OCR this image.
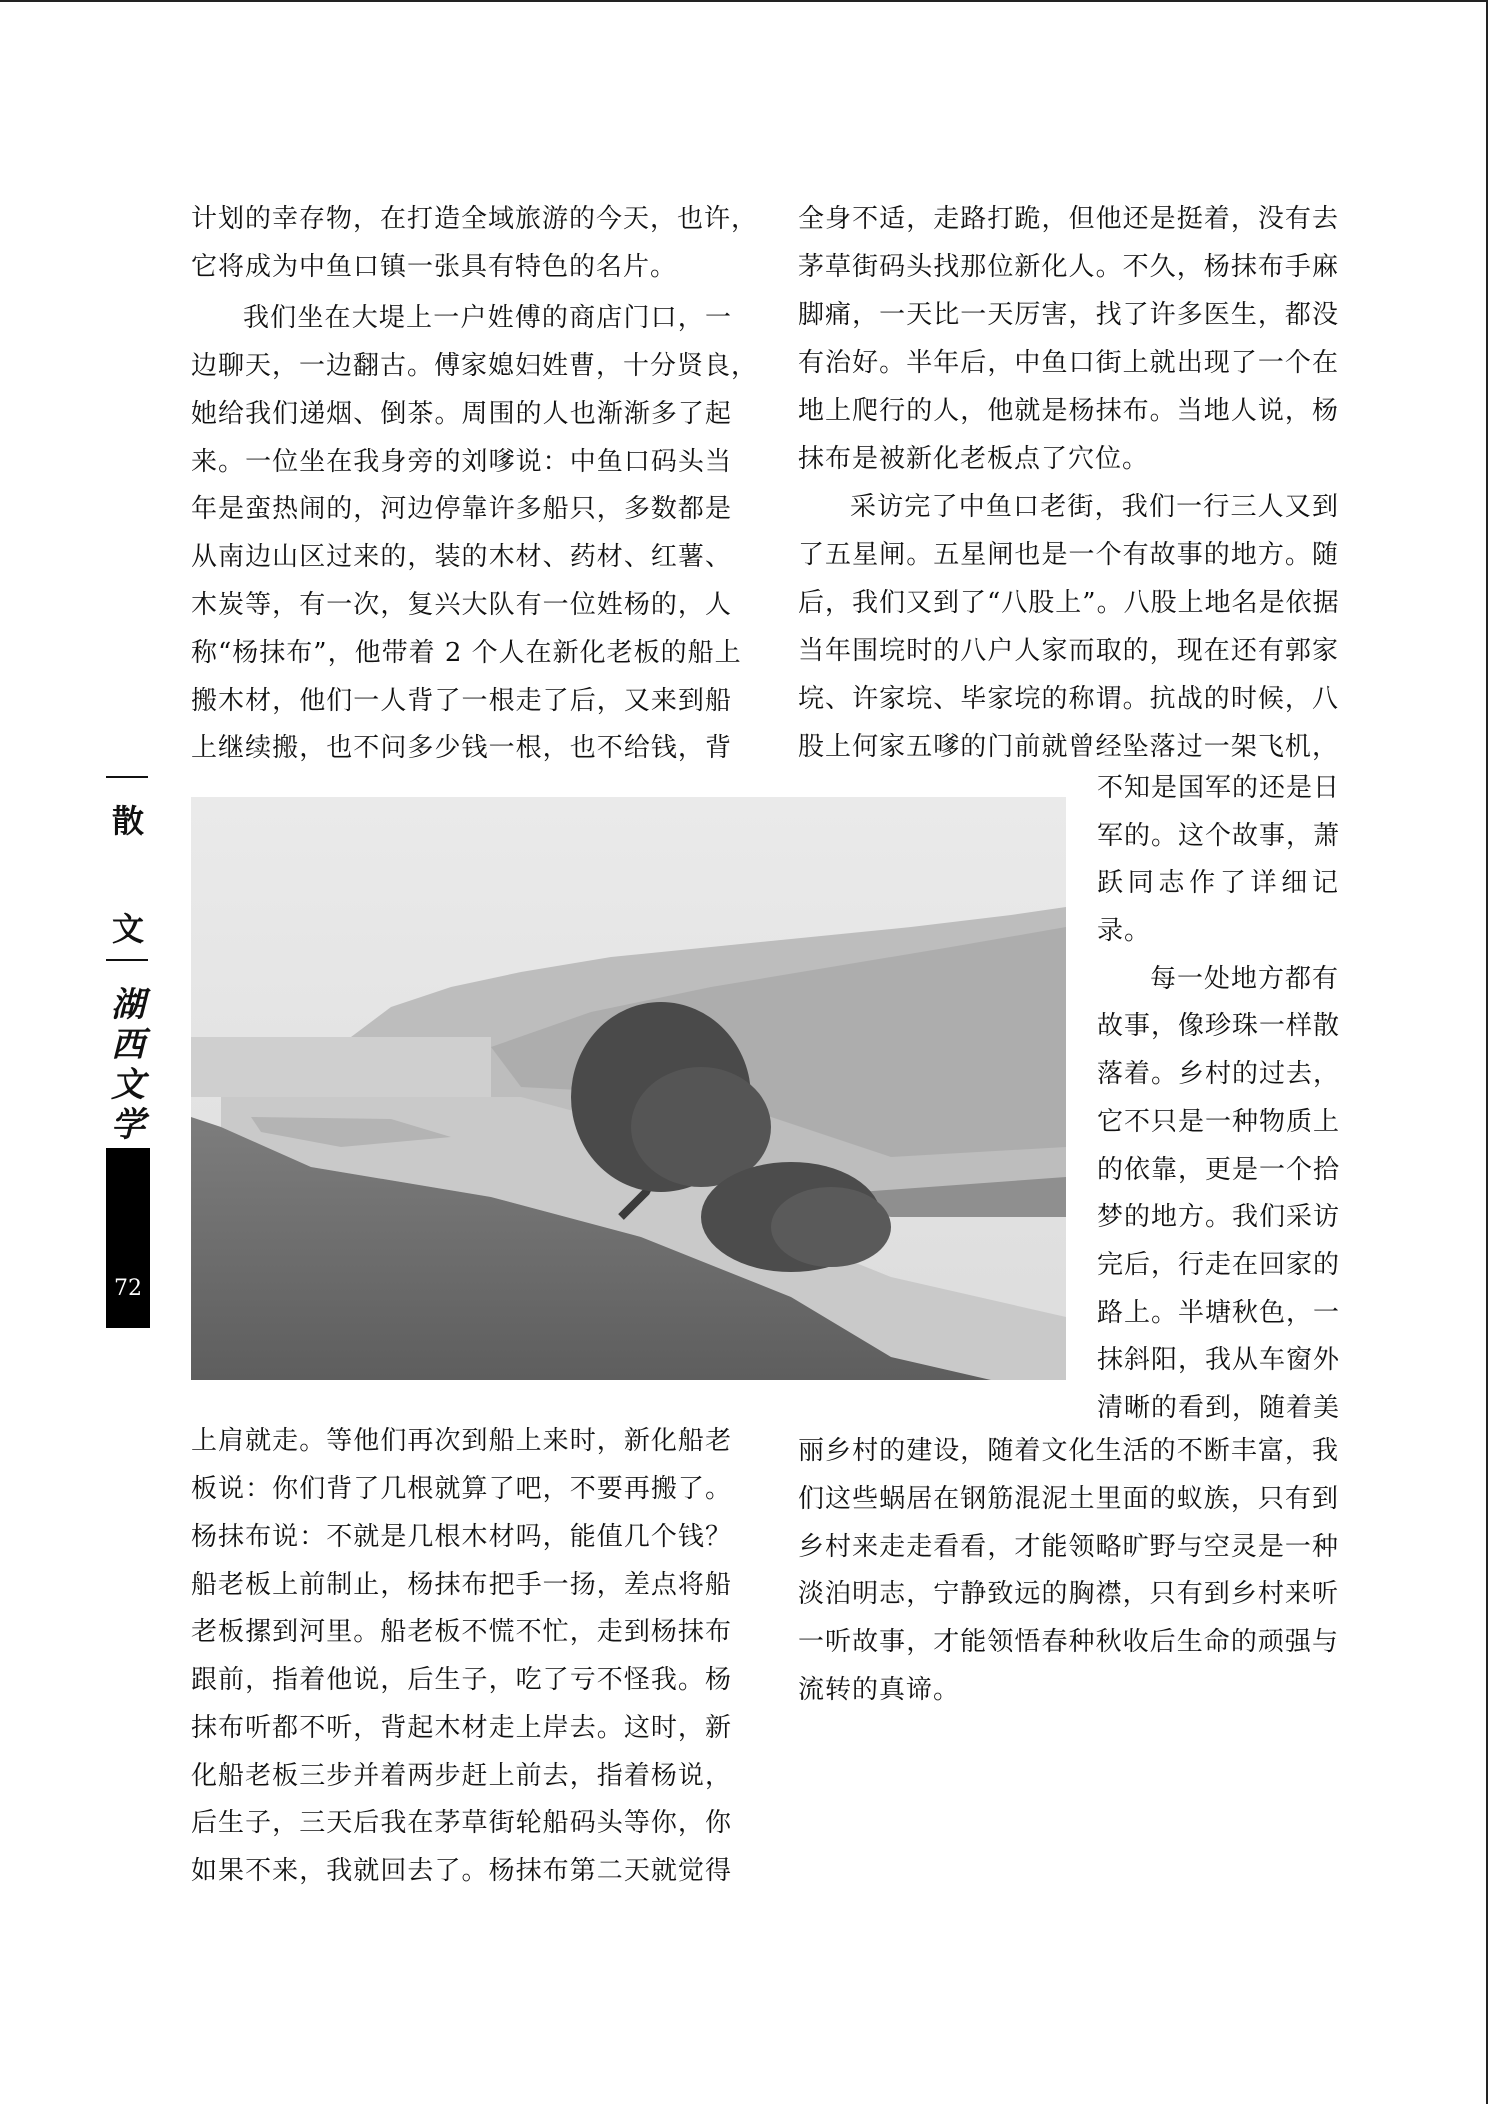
计划的幸存物，在打造全域旅游的今天，也许，
它将成为中鱼口镇一张具有特色的名片。
我们坐在大堤上一户姓傅的商店门口，一
边聊天，一边翻古。傅家媳妇姓曹，十分贤良，
她给我们递烟、倒茶。周围的人也渐渐多了起
来。一位坐在我身旁的刘嗲说：中鱼口码头当
年是蛮热闹的，河边停靠许多船只，多数都是
从南边山区过来的，装的木材、药材、红薯、
木炭等，有一次，复兴大队有一位姓杨的，人
称“杨抹布”，他带着 2 个人在新化老板的船上
搬木材，他们一人背了一根走了后，又来到船
上继续搬，也不问多少钱一根，也不给钱，背
全身不适，走路打跪，但他还是挺着，没有去
茅草街码头找那位新化人。不久，杨抹布手麻
脚痛，一天比一天厉害，找了许多医生，都没
有治好。半年后，中鱼口街上就出现了一个在
地上爬行的人，他就是杨抹布。当地人说，杨
抹布是被新化老板点了穴位。
采访完了中鱼口老街，我们一行三人又到
了五星闸。五星闸也是一个有故事的地方。随
后，我们又到了“八股上”。八股上地名是依据
当年围垸时的八户人家而取的，现在还有郭家
垸、许家垸、毕家垸的称谓。抗战的时候，八
股上何家五嗲的门前就曾经坠落过一架飞机，
不知是国军的还是日
军的。这个故事，萧
跃同志作了详细记
录。
每一处地方都有
故事，像珍珠一样散
落着。乡村的过去，
它不只是一种物质上
的依靠，更是一个拾
梦的地方。我们采访
完后，行走在回家的
路上。半塘秋色，一
抹斜阳，我从车窗外
清晰的看到，随着美
上肩就走。等他们再次到船上来时，新化船老
板说：你们背了几根就算了吧，不要再搬了。
杨抹布说：不就是几根木材吗，能值几个钱？
船老板上前制止，杨抹布把手一扬，差点将船
老板摞到河里。船老板不慌不忙，走到杨抹布
跟前，指着他说，后生子，吃了亏不怪我。杨
抹布听都不听，背起木材走上岸去。这时，新
化船老板三步并着两步赶上前去，指着杨说，
后生子，三天后我在茅草街轮船码头等你，你
如果不来，我就回去了。杨抹布第二天就觉得
丽乡村的建设，随着文化生活的不断丰富，我
们这些蜗居在钢筋混泥土里面的蚁族，只有到
乡村来走走看看，才能领略旷野与空灵是一种
淡泊明志，宁静致远的胸襟，只有到乡村来听
一听故事，才能领悟春种秋收后生命的顽强与
流转的真谛。
散
文
湖
西
文
学
72
